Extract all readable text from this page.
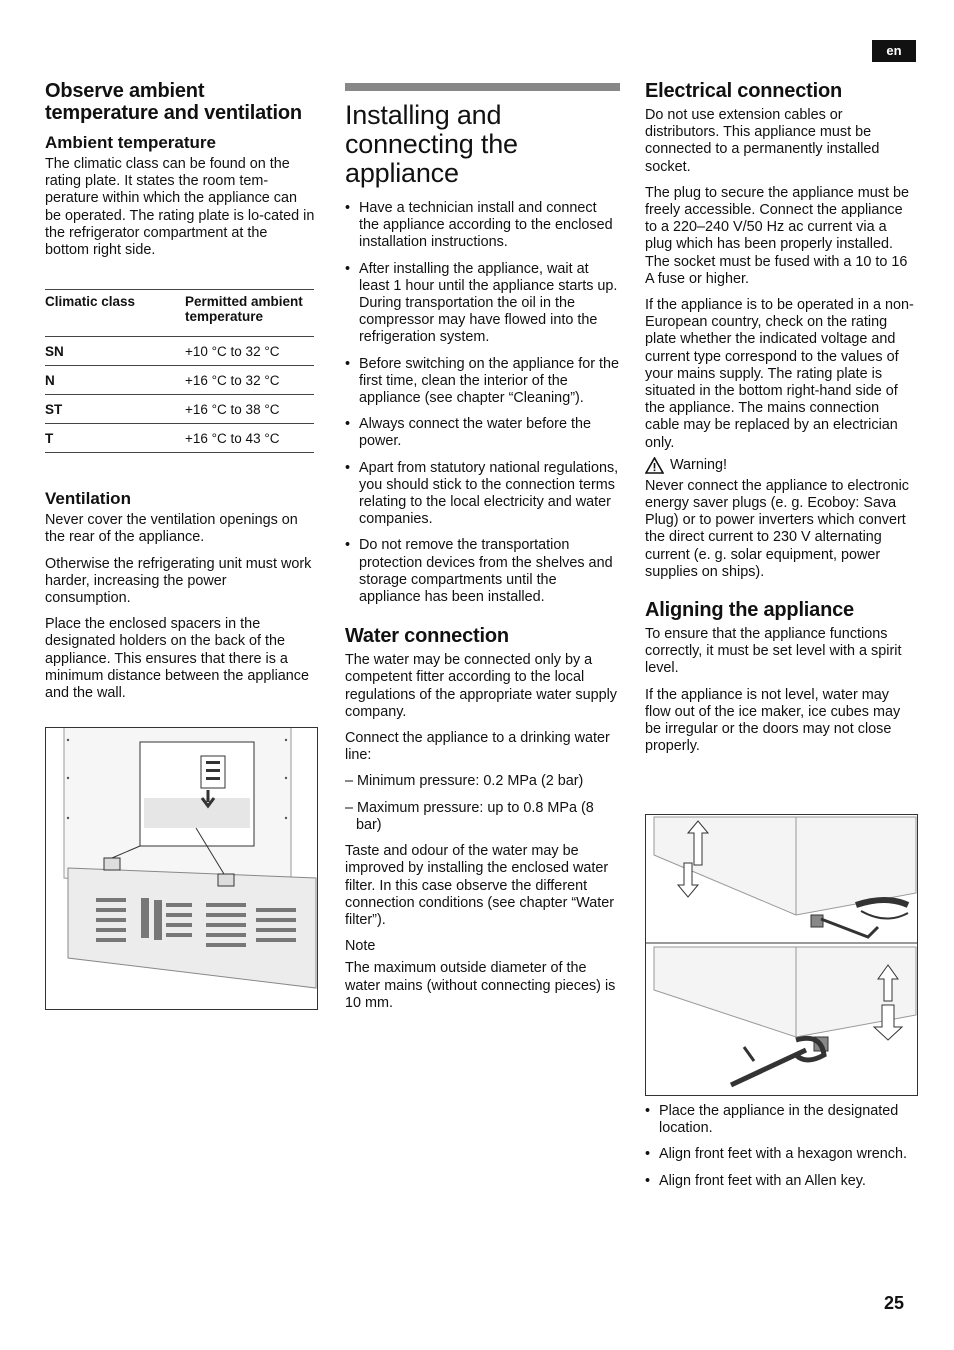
en
Observe ambient temperature and ventilation
Ambient temperature

The climatic class can be found on the rating plate. It states the room tem-perature within which the appliance can be operated. The rating plate is lo-cated in the refrigerator compartment at the bottom right side.

Climatic class	Permitted ambient temperature
SN	+10 °C to 32 °C
N	+16 °C to 32 °C
ST	+16 °C to 38 °C
T	+16 °C to 43 °C
Ventilation

Never cover the ventilation openings on the rear of the appliance.

Otherwise the refrigerating unit must work harder, increasing the power consumption.

Place the enclosed spacers in the designated holders on the back of the appliance. This ensures that there is a minimum distance between the appliance and the wall.

Installing and connecting the appliance
• Have a technician install and connect the appliance according to the enclosed installation instructions.
• After installing the appliance, wait at least 1 hour until the appliance starts up. During transportation the oil in the compressor may have flowed into the refrigeration system.
• Before switching on the appliance for the first time, clean the interior of the appliance (see chapter “Cleaning”).
• Always connect the water before the power.
• Apart from statutory national regulations, you should stick to the connection terms relating to the local electricity and water companies.
• Do not remove the transportation protection devices from the shelves and storage compartments until the appliance has been installed.
Water connection

The water may be connected only by a competent fitter according to the local regulations of the appropriate water supply company.

Connect the appliance to a drinking water line:

– Minimum pressure: 0.2 MPa (2 bar)

– Maximum pressure: up to 0.8 MPa (8 bar)

Taste and odour of the water may be improved by installing the enclosed water filter. In this case observe the different connection conditions (see chapter “Water filter”).

Note

The maximum outside diameter of the water mains (without connecting pieces) is 10 mm.

Electrical connection

Do not use extension cables or distributors. This appliance must be connected to a permanently installed socket.

The plug to secure the appliance must be freely accessible. Connect the appliance to a 220–240 V/50 Hz ac current via a plug which has been properly installed. The socket must be fused with a 10 to 16 A fuse or higher.

If the appliance is to be operated in a non-European country, check on the rating plate whether the indicated voltage and current type correspond to the values of your mains supply. The rating plate is situated in the bottom right-hand side of the appliance. The mains connection cable may be replaced by an electrician only.

Warning!

Never connect the appliance to electronic energy saver plugs (e. g. Ecoboy: Sava Plug) or to power inverters which convert the direct current to 230 V alternating current (e. g. solar equipment, power supplies on ships).

Aligning the appliance

To ensure that the appliance functions correctly, it must be set level with a spirit level.

If the appliance is not level, water may flow out of the ice maker, ice cubes may be irregular or the doors may not close properly.

• Place the appliance in the designated location.
• Align front feet with a hexagon wrench.
• Align front feet with an Allen key.
25
